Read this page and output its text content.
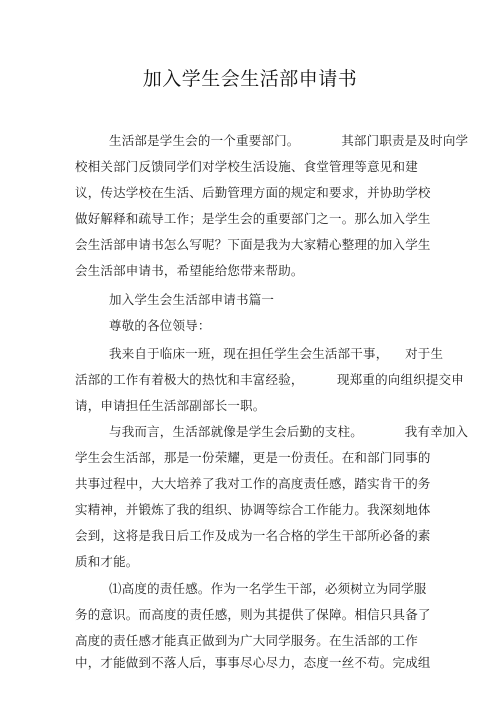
加入学生会生活部申请书
生活部是学生会的一个重要部门。          其部门职责是及时向学
校相关部门反馈同学们对学校生活设施、食堂管理等意见和建
议，传达学校在生活、后勤管理方面的规定和要求，并协助学校
做好解释和疏导工作；是学生会的重要部门之一。那么加入学生
会生活部申请书怎么写呢？下面是我为大家精心整理的加入学生
会生活部申请书，希望能给您带来帮助。
加入学生会生活部申请书篇一
尊敬的各位领导：
我来自于临床一班，现在担任学生会生活部干事，    对于生
活部的工作有着极大的热忱和丰富经验，        现郑重的向组织提交申
请，申请担任生活部副部长一职。
与我而言，生活部就像是学生会后勤的支柱。          我有幸加入
学生会生活部，那是一份荣耀，更是一份责任。在和部门同事的
共事过程中，大大培养了我对工作的高度责任感，踏实肯干的务
实精神，并锻炼了我的组织、协调等综合工作能力。我深刻地体
会到，这将是我日后工作及成为一名合格的学生干部所必备的素
质和才能。
⑴高度的责任感。作为一名学生干部，必须树立为同学服
务的意识。而高度的责任感，则为其提供了保障。相信只具备了
高度的责任感才能真正做到为广大同学服务。在生活部的工作
中，才能做到不落人后，事事尽心尽力，态度一丝不苟。完成组
